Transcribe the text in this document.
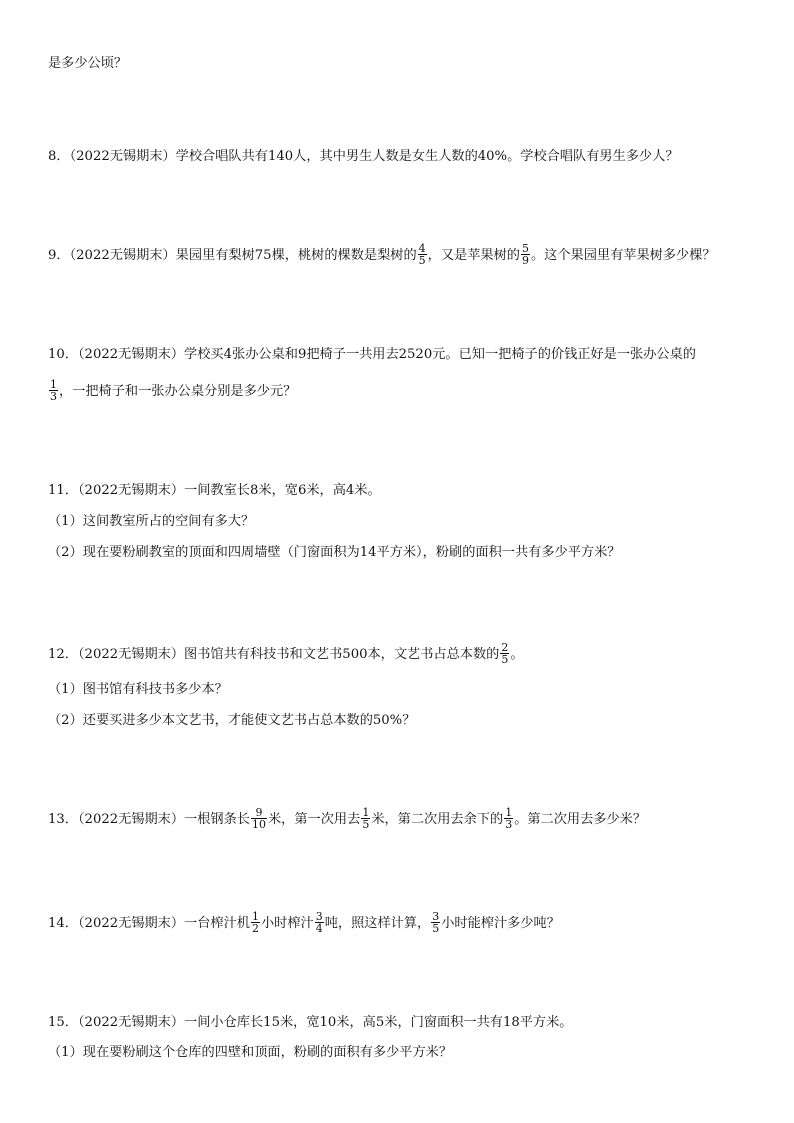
是多少公顷？
8．（2022无锡期末）学校合唱队共有140人，其中男生人数是女生人数的40%。学校合唱队有男生多少人？
9．（2022无锡期末）果园里有梨树75棵，桃树的棵数是梨树的 $\frac{4}{5}$ ，又是苹果树的 $\frac{5}{9}$ 。这个果园里有苹果树多少棵？
10．（2022无锡期末）学校买4张办公桌和9把椅子一共用去2520元。已知一把椅子的价钱正好是一张办公桌的
$\frac{1}{3}$ ，一把椅子和一张办公桌分别是多少元？
11．（2022无锡期末）一间教室长8米，宽6米，高4米。
（1）这间教室所占的空间有多大？
（2）现在要粉刷教室的顶面和四周墙壁（门窗面积为14平方米），粉刷的面积一共有多少平方米？
12．（2022无锡期末）图书馆共有科技书和文艺书500本，文艺书占总本数的 $\frac{2}{5}$ 。
（1）图书馆有科技书多少本？
（2）还要买进多少本文艺书，才能使文艺书占总本数的50%？
13．（2022无锡期末）一根钢条长 $\frac{9}{10}$ 米，第一次用去 $\frac{1}{5}$ 米，第二次用去余下的 $\frac{1}{3}$ 。第二次用去多少米？
14．（2022无锡期末）一台榨汁机 $\frac{1}{2}$ 小时榨汁 $\frac{3}{4}$ 吨，照这样计算， $\frac{3}{5}$ 小时能榨汁多少吨？
15．（2022无锡期末）一间小仓库长15米，宽10米，高5米，门窗面积一共有18平方米。
（1）现在要粉刷这个仓库的四壁和顶面，粉刷的面积有多少平方米？
